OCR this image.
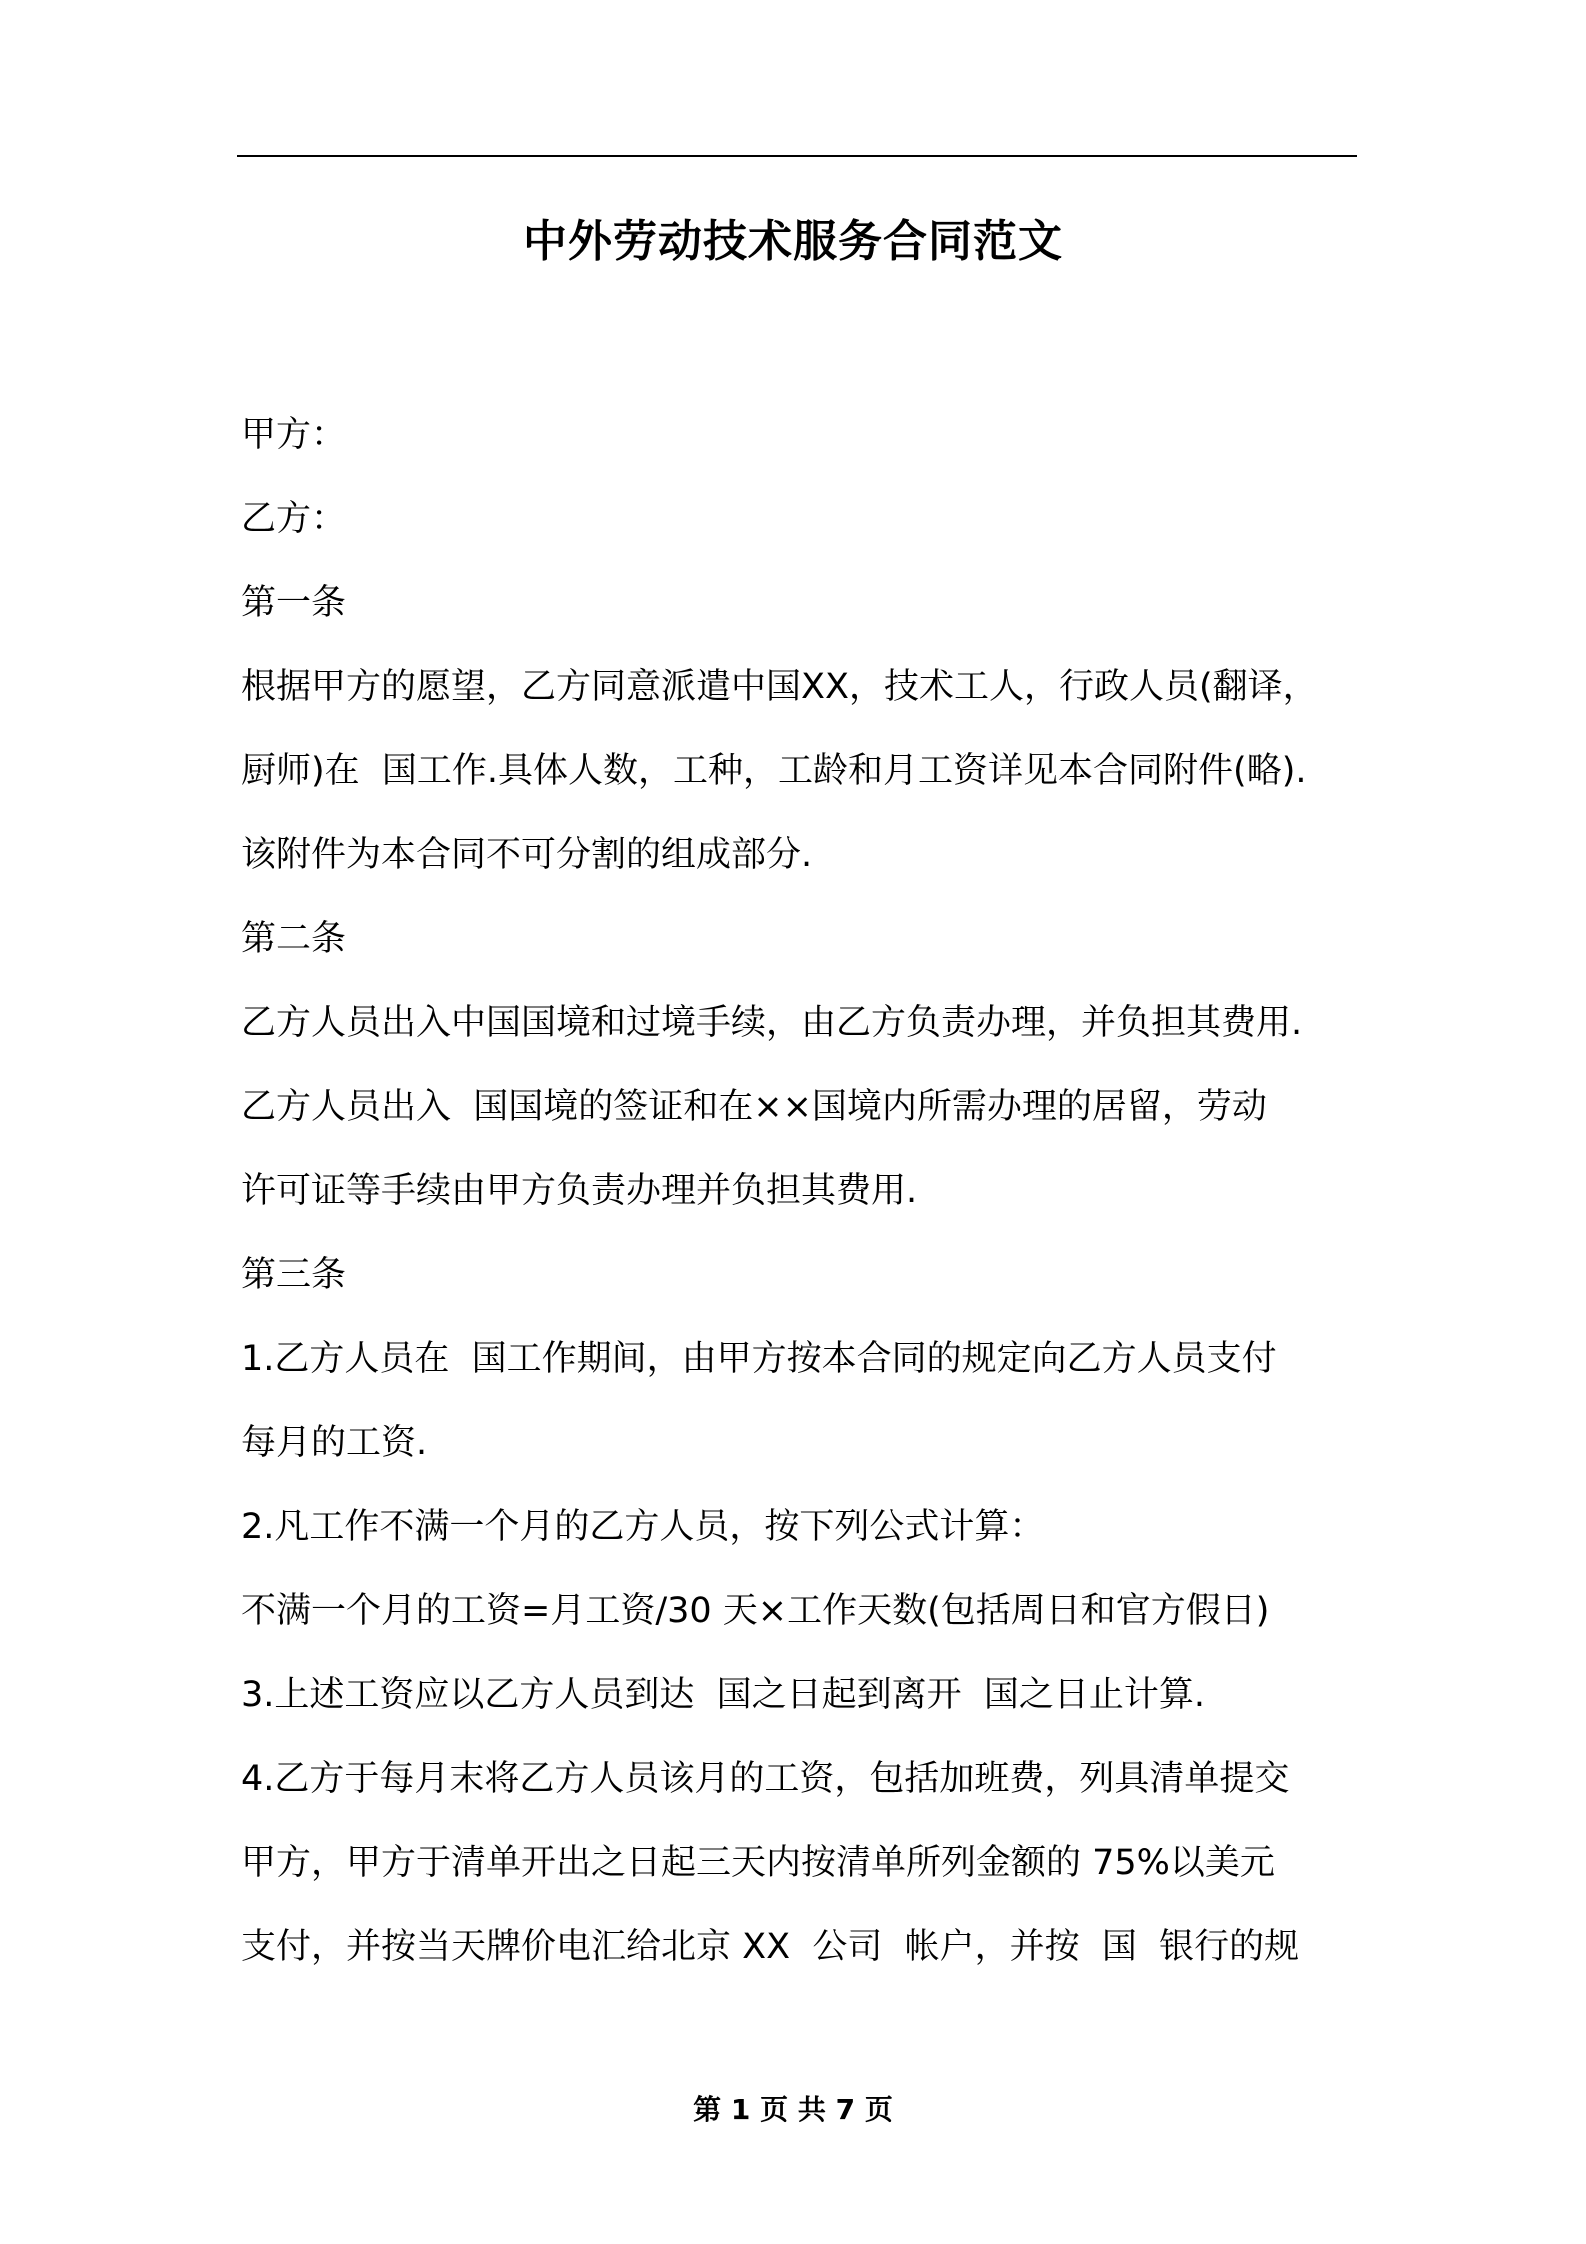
中外劳动技术服务合同范文
甲方：
乙方：
第一条
根据甲方的愿望，乙方同意派遣中国XX，技术工人，行政人员(翻译，
厨师)在  国工作.具体人数，工种，工龄和月工资详见本合同附件(略).
该附件为本合同不可分割的组成部分.
第二条
乙方人员出入中国国境和过境手续，由乙方负责办理，并负担其费用.
乙方人员出入  国国境的签证和在××国境内所需办理的居留，劳动
许可证等手续由甲方负责办理并负担其费用.
第三条
1.乙方人员在  国工作期间，由甲方按本合同的规定向乙方人员支付
每月的工资.
2.凡工作不满一个月的乙方人员，按下列公式计算：
不满一个月的工资=月工资/30 天×工作天数(包括周日和官方假日)
3.上述工资应以乙方人员到达  国之日起到离开  国之日止计算.
4.乙方于每月末将乙方人员该月的工资，包括加班费，列具清单提交
甲方，甲方于清单开出之日起三天内按清单所列金额的 75%以美元
支付，并按当天牌价电汇给北京 XX  公司  帐户，并按  国  银行的规
第 1 页 共 7 页
